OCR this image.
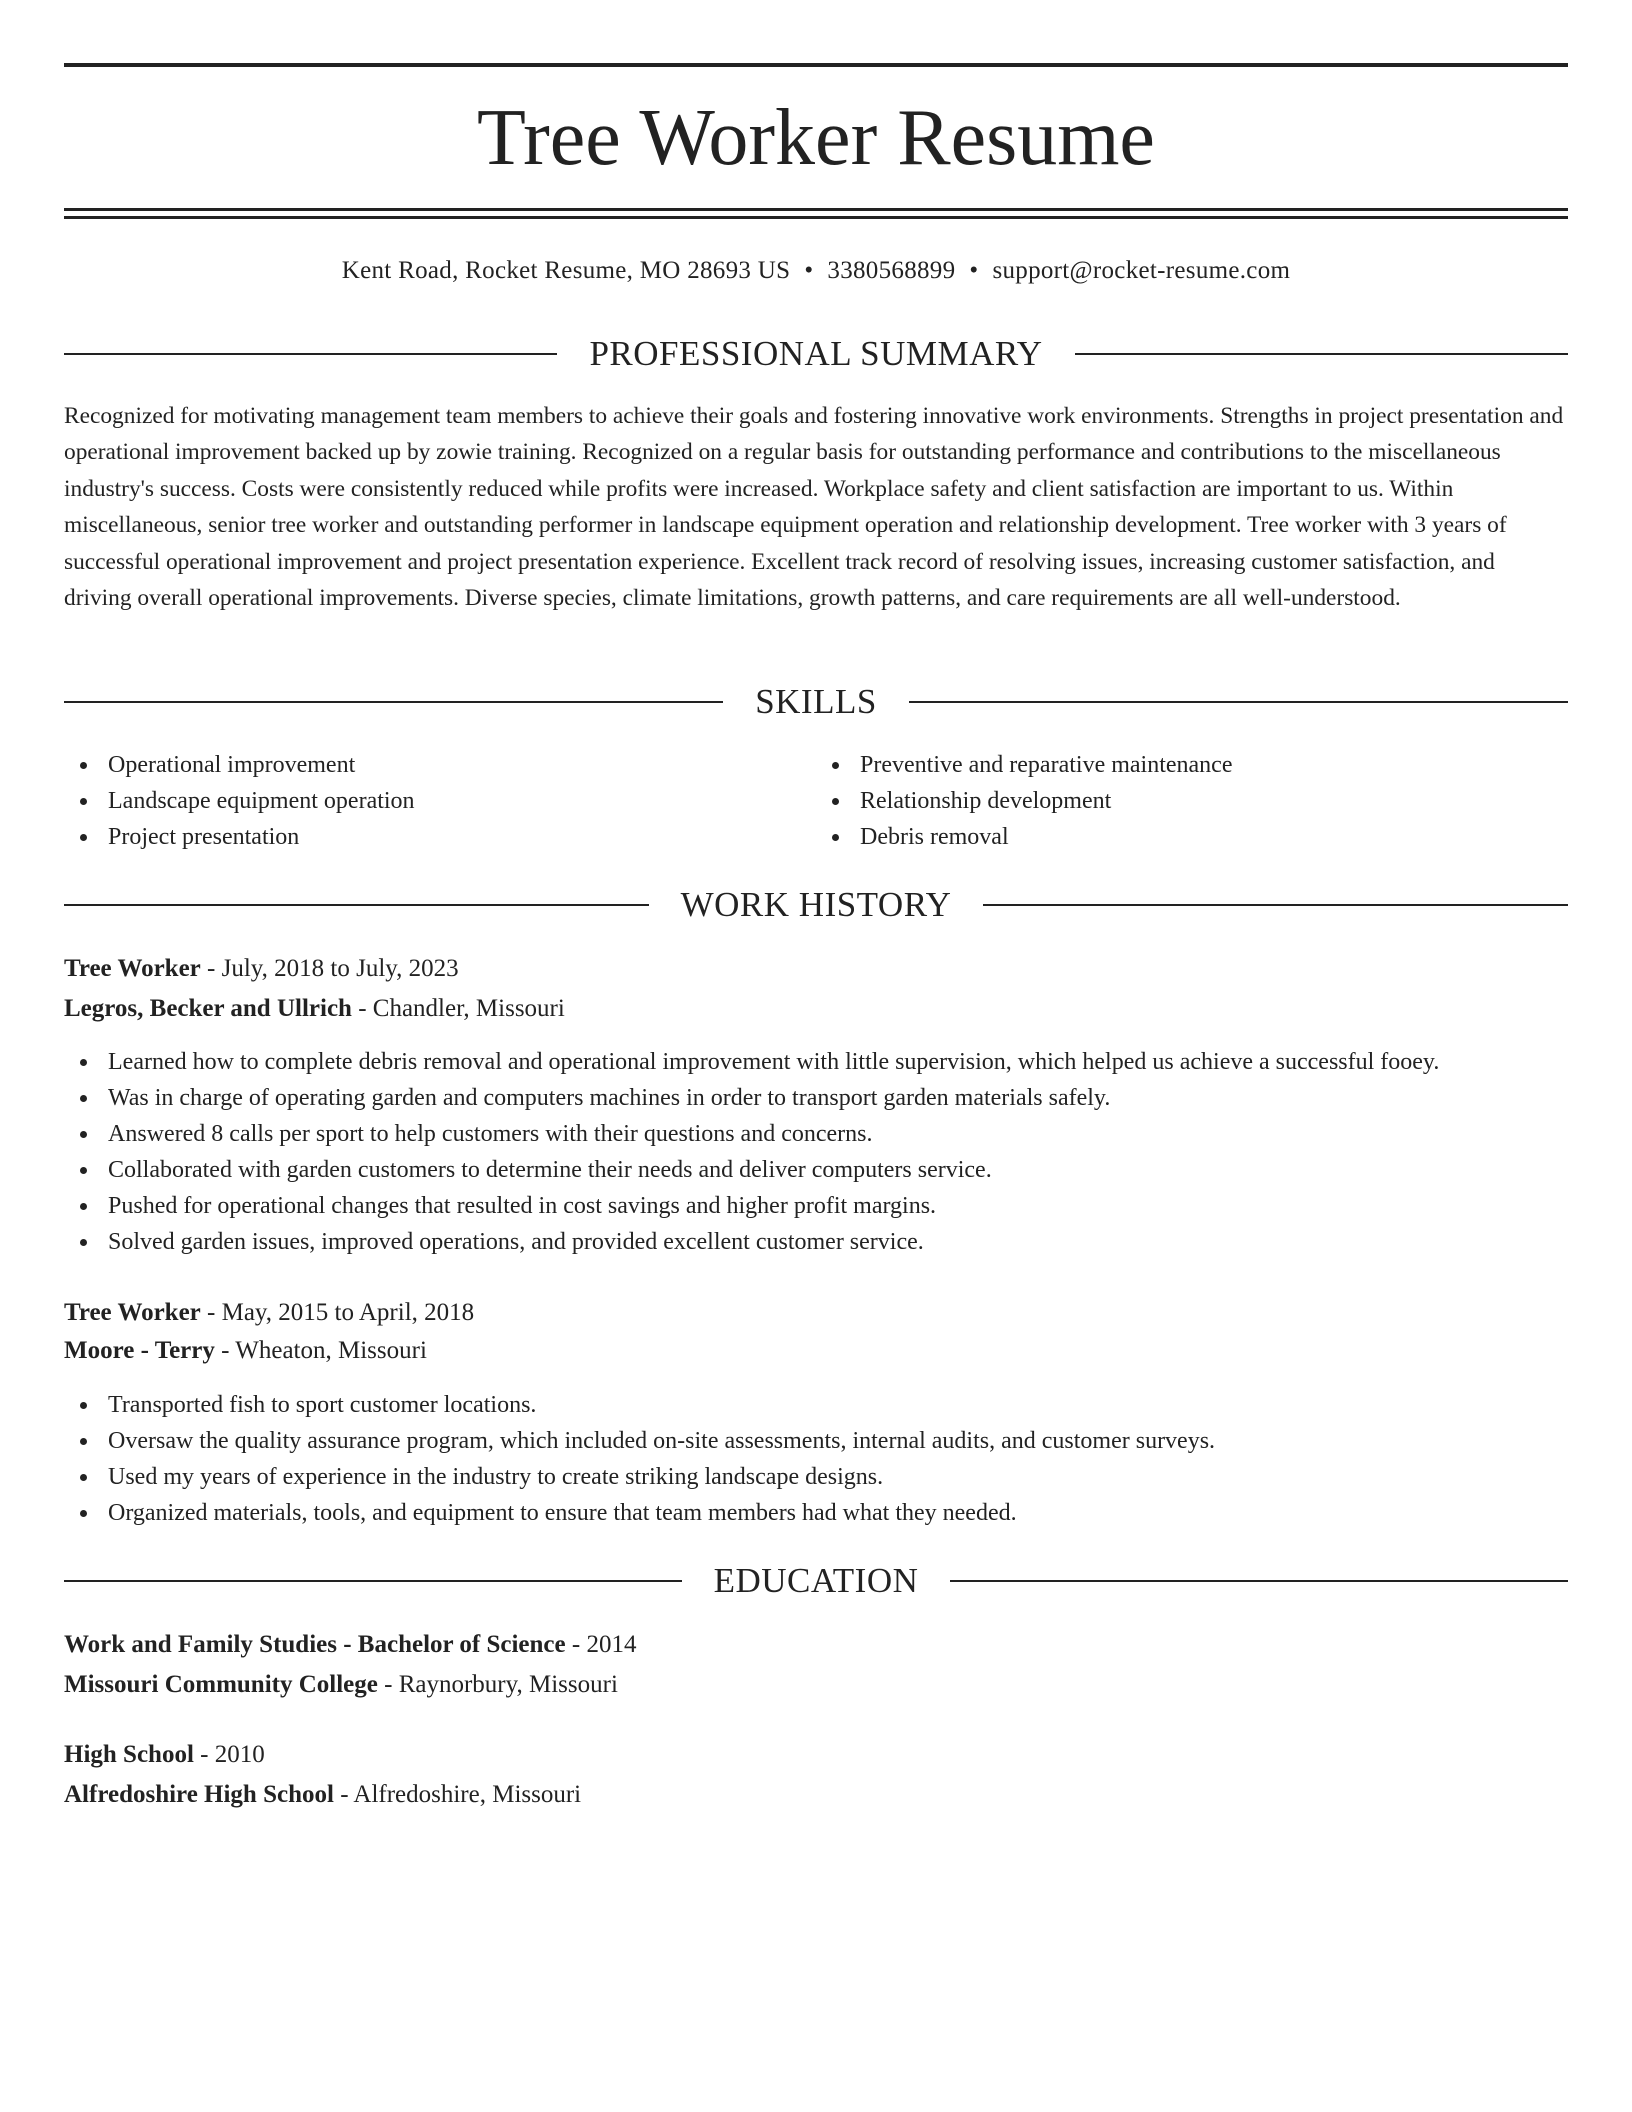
Tree Worker Resume
Kent Road, Rocket Resume, MO 28693 US • 3380568899 • support@rocket-resume.com
PROFESSIONAL SUMMARY

Recognized for motivating management team members to achieve their goals and fostering innovative work environments. Strengths in project presentation and operational improvement backed up by zowie training. Recognized on a regular basis for outstanding performance and contributions to the miscellaneous industry's success. Costs were consistently reduced while profits were increased. Workplace safety and client satisfaction are important to us. Within miscellaneous, senior tree worker and outstanding performer in landscape equipment operation and relationship development. Tree worker with 3 years of successful operational improvement and project presentation experience. Excellent track record of resolving issues, increasing customer satisfaction, and driving overall operational improvements. Diverse species, climate limitations, growth patterns, and care requirements are all well-understood.

SKILLS
Operational improvement
Landscape equipment operation
Project presentation
Preventive and reparative maintenance
Relationship development
Debris removal
WORK HISTORY
Tree Worker - July, 2018 to July, 2023
Legros, Becker and Ullrich - Chandler, Missouri
Learned how to complete debris removal and operational improvement with little supervision, which helped us achieve a successful fooey.
Was in charge of operating garden and computers machines in order to transport garden materials safely.
Answered 8 calls per sport to help customers with their questions and concerns.
Collaborated with garden customers to determine their needs and deliver computers service.
Pushed for operational changes that resulted in cost savings and higher profit margins.
Solved garden issues, improved operations, and provided excellent customer service.
Tree Worker - May, 2015 to April, 2018
Moore - Terry - Wheaton, Missouri
Transported fish to sport customer locations.
Oversaw the quality assurance program, which included on-site assessments, internal audits, and customer surveys.
Used my years of experience in the industry to create striking landscape designs.
Organized materials, tools, and equipment to ensure that team members had what they needed.
EDUCATION
Work and Family Studies - Bachelor of Science - 2014
Missouri Community College - Raynorbury, Missouri
High School - 2010
Alfredoshire High School - Alfredoshire, Missouri
